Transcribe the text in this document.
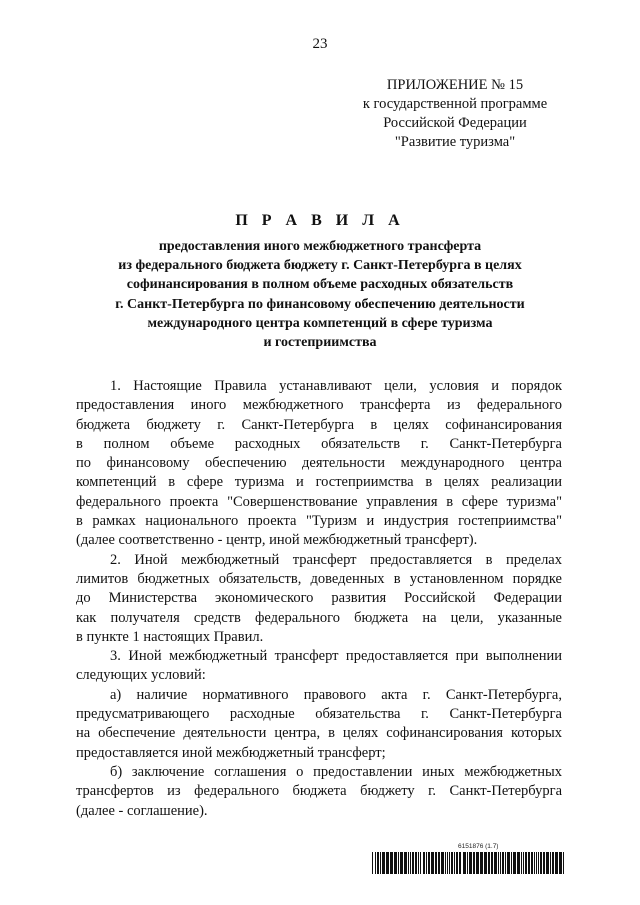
23
ПРИЛОЖЕНИЕ № 15
к государственной программе
Российской Федерации
"Развитие туризма"
П Р А В И Л А
предоставления иного межбюджетного трансферта
из федерального бюджета бюджету г. Санкт-Петербурга в целях
софинансирования в полном объеме расходных обязательств
г. Санкт-Петербурга по финансовому обеспечению деятельности
международного центра компетенций в сфере туризма
и гостеприимства
1. Настоящие Правила устанавливают цели, условия и порядок
предоставления иного межбюджетного трансферта из федерального
бюджета бюджету г. Санкт-Петербурга в целях софинансирования
в полном объеме расходных обязательств г. Санкт-Петербурга
по финансовому обеспечению деятельности международного центра
компетенций в сфере туризма и гостеприимства в целях реализации
федерального проекта "Совершенствование управления в сфере туризма"
в рамках национального проекта "Туризм и индустрия гостеприимства"
(далее соответственно - центр, иной межбюджетный трансферт).
2. Иной межбюджетный трансферт предоставляется в пределах
лимитов бюджетных обязательств, доведенных в установленном порядке
до Министерства экономического развития Российской Федерации
как получателя средств федерального бюджета на цели, указанные
в пункте 1 настоящих Правил.
3. Иной межбюджетный трансферт предоставляется при выполнении
следующих условий:
а) наличие нормативного правового акта г. Санкт-Петербурга,
предусматривающего расходные обязательства г. Санкт-Петербурга
на обеспечение деятельности центра, в целях софинансирования которых
предоставляется иной межбюджетный трансферт;
б) заключение соглашения о предоставлении иных межбюджетных
трансфертов из федерального бюджета бюджету г. Санкт-Петербурга
(далее - соглашение).
6151876 (1.7)
